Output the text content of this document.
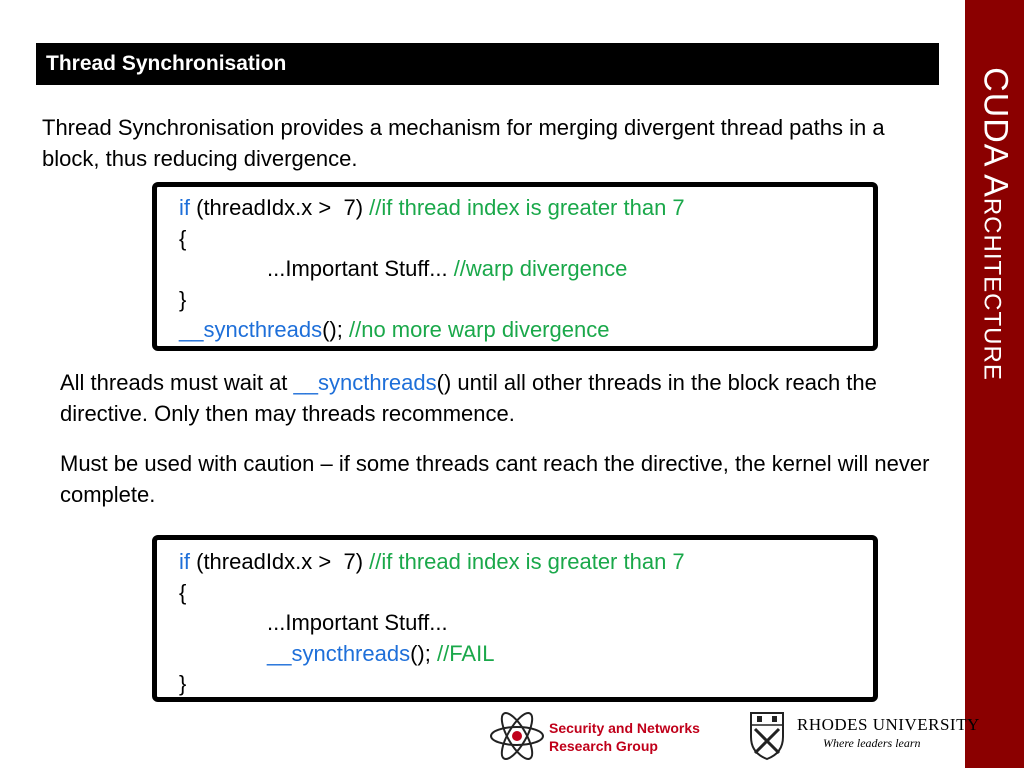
CUDA Architecture
Thread Synchronisation

Thread Synchronisation provides a mechanism for merging divergent thread paths in a block, thus reducing divergence.

if (threadIdx.x >  7) //if thread index is greater than 7
{
...Important Stuff... //warp divergence
}
__syncthreads(); //no more warp divergence

All threads must wait at __syncthreads() until all other threads in the block reach the directive. Only then may threads recommence.

Must be used with caution – if some threads cant reach the directive, the kernel will never complete.

if (threadIdx.x >  7) //if thread index is greater than 7
{
...Important Stuff...
__syncthreads(); //FAIL
}
Security and Networks
Research Group
RHODES UNIVERSITY
Where leaders learn
